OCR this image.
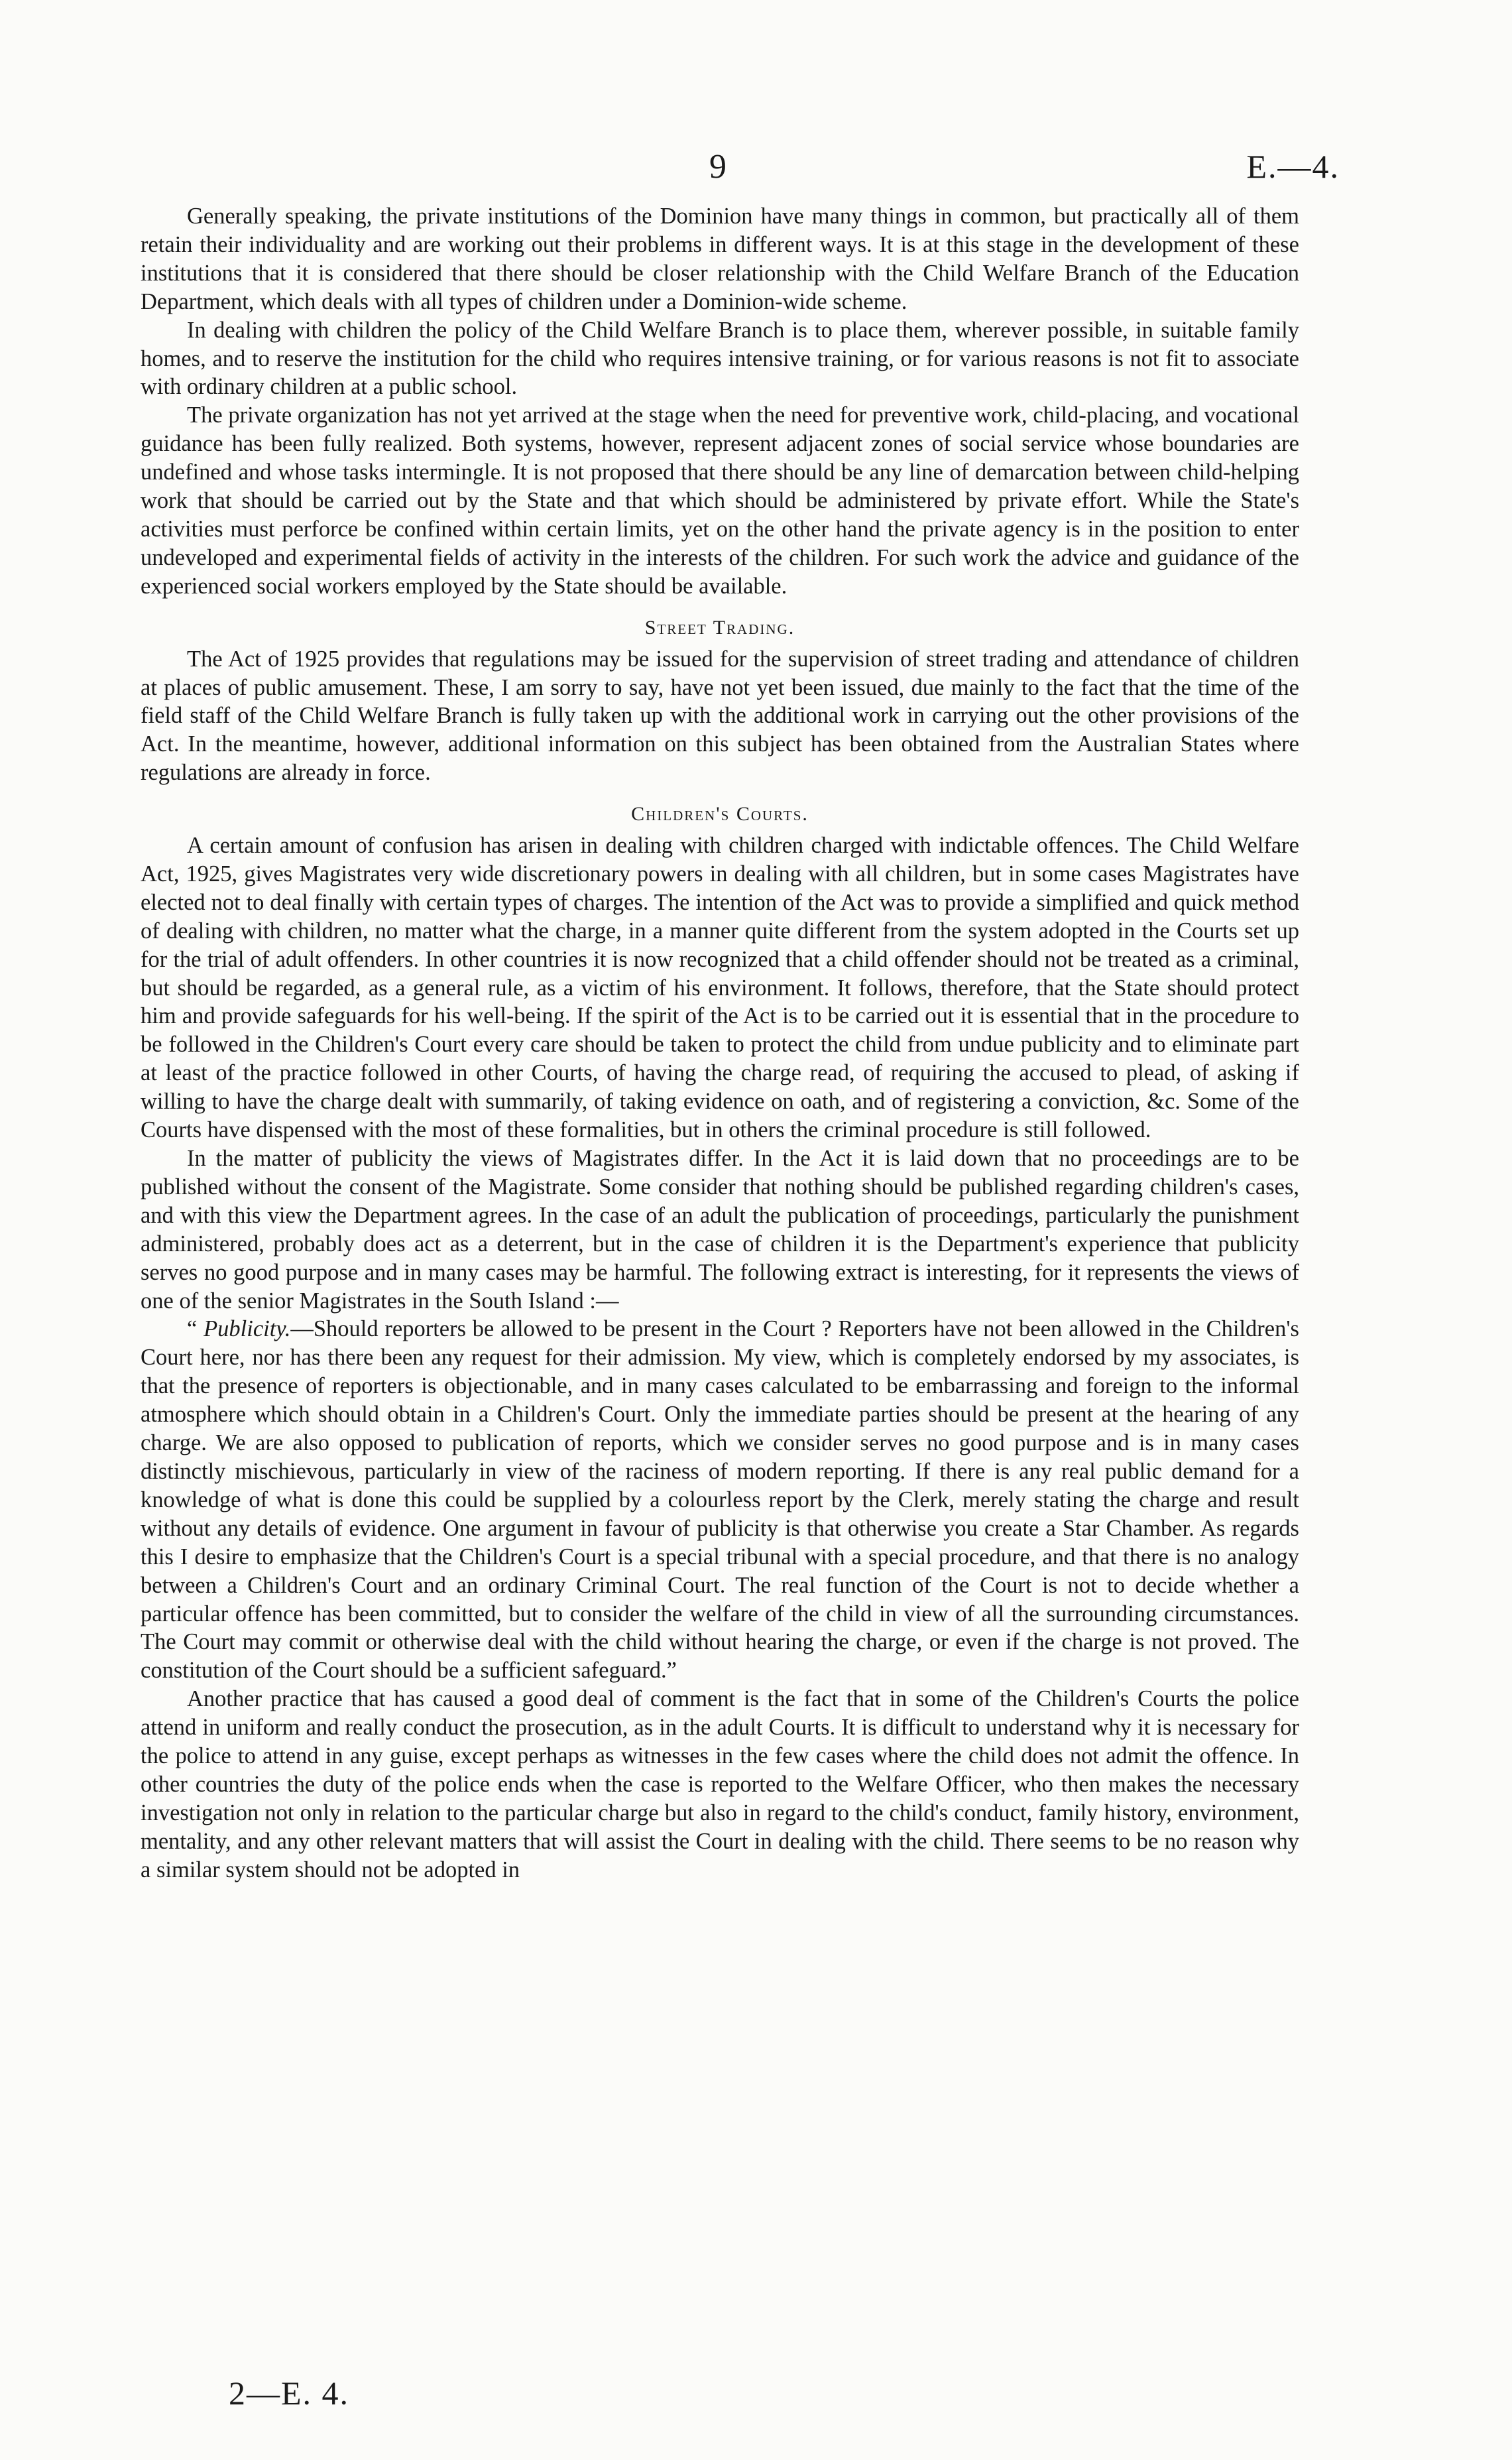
9	E.—4.

Generally speaking, the private institutions of the Dominion have many things in common, but practically all of them retain their individuality and are working out their problems in different ways. It is at this stage in the development of these institutions that it is considered that there should be closer relationship with the Child Welfare Branch of the Education Department, which deals with all types of children under a Dominion-wide scheme.

In dealing with children the policy of the Child Welfare Branch is to place them, wherever possible, in suitable family homes, and to reserve the institution for the child who requires intensive training, or for various reasons is not fit to associate with ordinary children at a public school.

The private organization has not yet arrived at the stage when the need for preventive work, child-placing, and vocational guidance has been fully realized. Both systems, however, represent adjacent zones of social service whose boundaries are undefined and whose tasks intermingle. It is not proposed that there should be any line of demarcation between child-helping work that should be carried out by the State and that which should be administered by private effort. While the State's activities must perforce be confined within certain limits, yet on the other hand the private agency is in the position to enter undeveloped and experimental fields of activity in the interests of the children. For such work the advice and guidance of the experienced social workers employed by the State should be available.

Street Trading.

The Act of 1925 provides that regulations may be issued for the supervision of street trading and attendance of children at places of public amusement. These, I am sorry to say, have not yet been issued, due mainly to the fact that the time of the field staff of the Child Welfare Branch is fully taken up with the additional work in carrying out the other provisions of the Act. In the meantime, however, additional information on this subject has been obtained from the Australian States where regulations are already in force.

Children's Courts.

A certain amount of confusion has arisen in dealing with children charged with indictable offences. The Child Welfare Act, 1925, gives Magistrates very wide discretionary powers in dealing with all children, but in some cases Magistrates have elected not to deal finally with certain types of charges. The intention of the Act was to provide a simplified and quick method of dealing with children, no matter what the charge, in a manner quite different from the system adopted in the Courts set up for the trial of adult offenders. In other countries it is now recognized that a child offender should not be treated as a criminal, but should be regarded, as a general rule, as a victim of his environment. It follows, therefore, that the State should protect him and provide safeguards for his well-being. If the spirit of the Act is to be carried out it is essential that in the procedure to be followed in the Children's Court every care should be taken to protect the child from undue publicity and to eliminate part at least of the practice followed in other Courts, of having the charge read, of requiring the accused to plead, of asking if willing to have the charge dealt with summarily, of taking evidence on oath, and of registering a conviction, &c. Some of the Courts have dispensed with the most of these formalities, but in others the criminal procedure is still followed.

In the matter of publicity the views of Magistrates differ. In the Act it is laid down that no proceedings are to be published without the consent of the Magistrate. Some consider that nothing should be published regarding children's cases, and with this view the Department agrees. In the case of an adult the publication of proceedings, particularly the punishment administered, probably does act as a deterrent, but in the case of children it is the Department's experience that publicity serves no good purpose and in many cases may be harmful. The following extract is interesting, for it represents the views of one of the senior Magistrates in the South Island :—

“ Publicity.—Should reporters be allowed to be present in the Court ? Reporters have not been allowed in the Children's Court here, nor has there been any request for their admission. My view, which is completely endorsed by my associates, is that the presence of reporters is objectionable, and in many cases calculated to be embarrassing and foreign to the informal atmosphere which should obtain in a Children's Court. Only the immediate parties should be present at the hearing of any charge. We are also opposed to publication of reports, which we consider serves no good purpose and is in many cases distinctly mischievous, particularly in view of the raciness of modern reporting. If there is any real public demand for a knowledge of what is done this could be supplied by a colourless report by the Clerk, merely stating the charge and result without any details of evidence. One argument in favour of publicity is that otherwise you create a Star Chamber. As regards this I desire to emphasize that the Children's Court is a special tribunal with a special procedure, and that there is no analogy between a Children's Court and an ordinary Criminal Court. The real function of the Court is not to decide whether a particular offence has been committed, but to consider the welfare of the child in view of all the surrounding circumstances. The Court may commit or otherwise deal with the child without hearing the charge, or even if the charge is not proved. The constitution of the Court should be a sufficient safeguard.”

Another practice that has caused a good deal of comment is the fact that in some of the Children's Courts the police attend in uniform and really conduct the prosecution, as in the adult Courts. It is difficult to understand why it is necessary for the police to attend in any guise, except perhaps as witnesses in the few cases where the child does not admit the offence. In other countries the duty of the police ends when the case is reported to the Welfare Officer, who then makes the necessary investigation not only in relation to the particular charge but also in regard to the child's conduct, family history, environment, mentality, and any other relevant matters that will assist the Court in dealing with the child. There seems to be no reason why a similar system should not be adopted in

2—E. 4.
